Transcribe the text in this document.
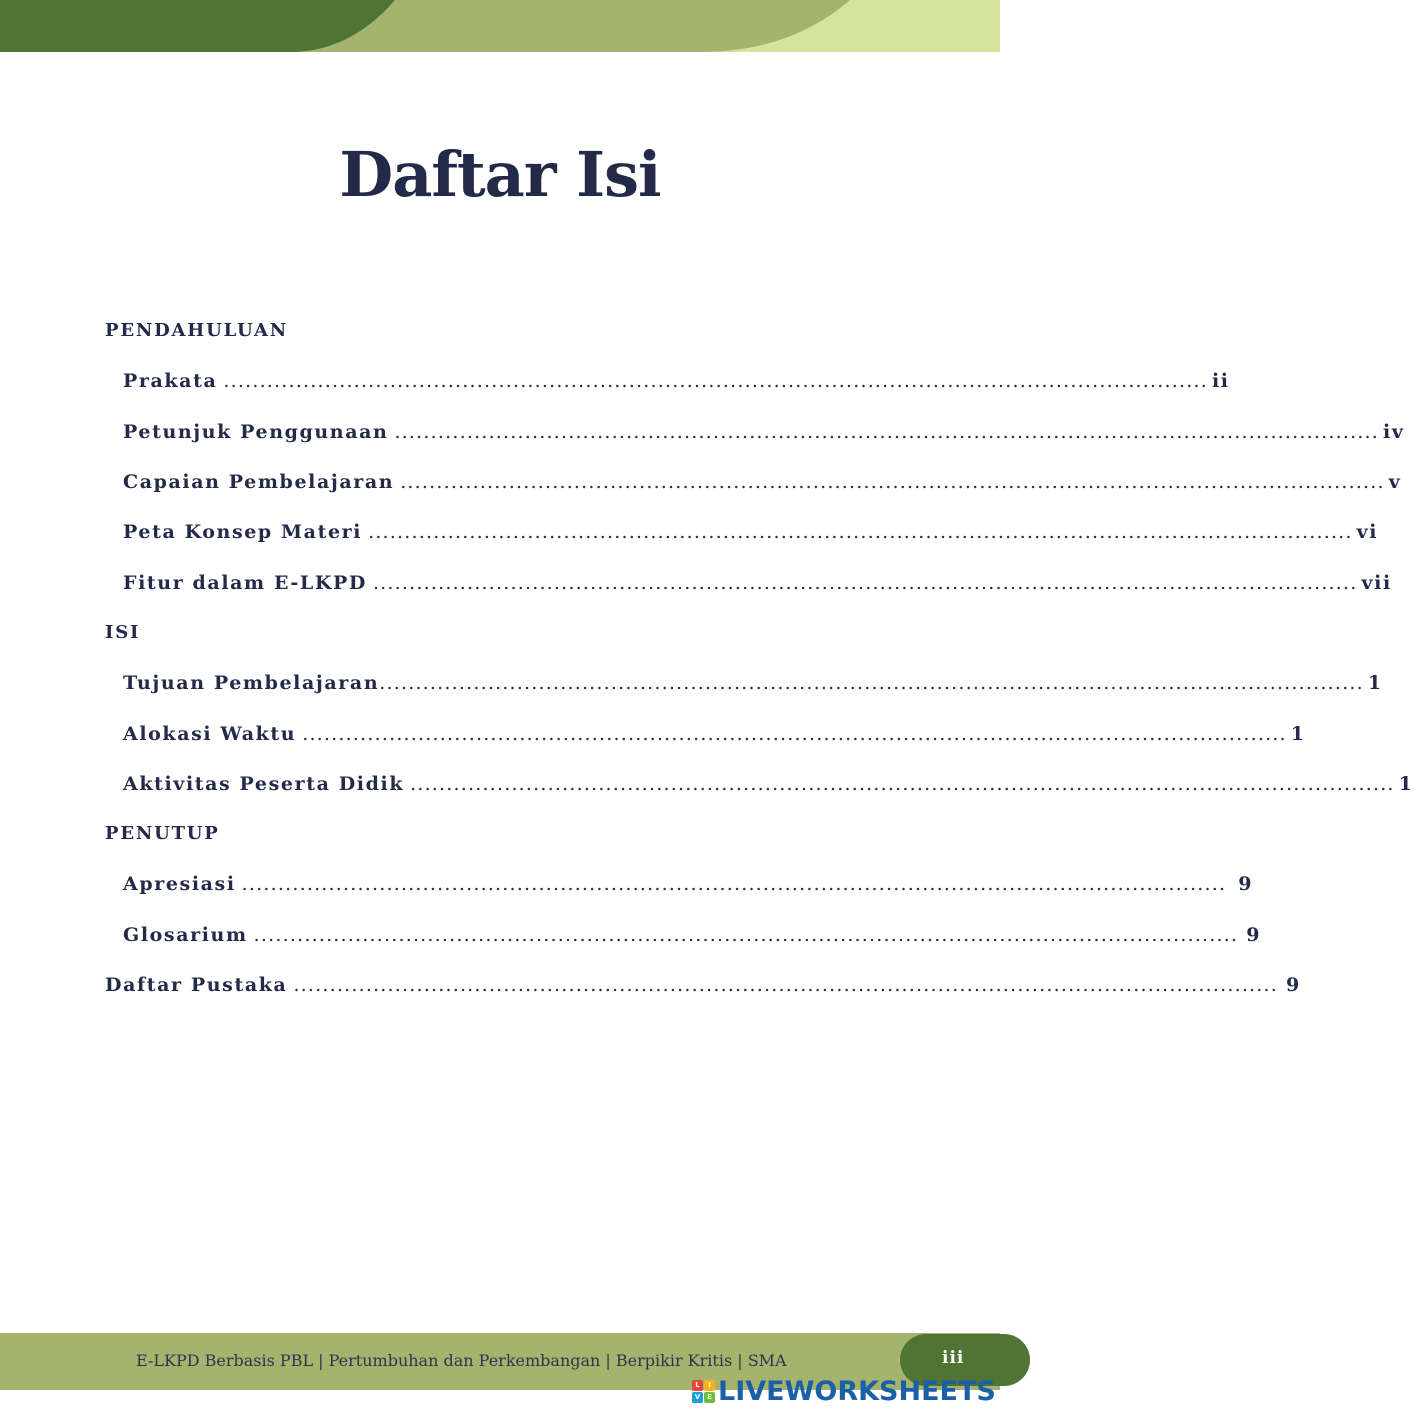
Daftar Isi
PENDAHULUAN
Prakata ........................................................................................................................................ ii
Petunjuk Penggunaan ........................................................................................................................................ iv
Capaian Pembelajaran ........................................................................................................................................ v
Peta Konsep Materi ........................................................................................................................................ vi
Fitur dalam E-LKPD ........................................................................................................................................ vii
ISI
Tujuan Pembelajaran ........................................................................................................................................ 1
Alokasi Waktu ........................................................................................................................................ 1
Aktivitas Peserta Didik ........................................................................................................................................ 1
PENUTUP
Apresiasi ........................................................................................................................................ 9
Glosarium ........................................................................................................................................ 9
Daftar Pustaka ........................................................................................................................................ 9
E-LKPD Berbasis PBL | Pertumbuhan dan Perkembangan | Berpikir Kritis | SMA	iii
L	I
V E LIVEWORKSHEETS
